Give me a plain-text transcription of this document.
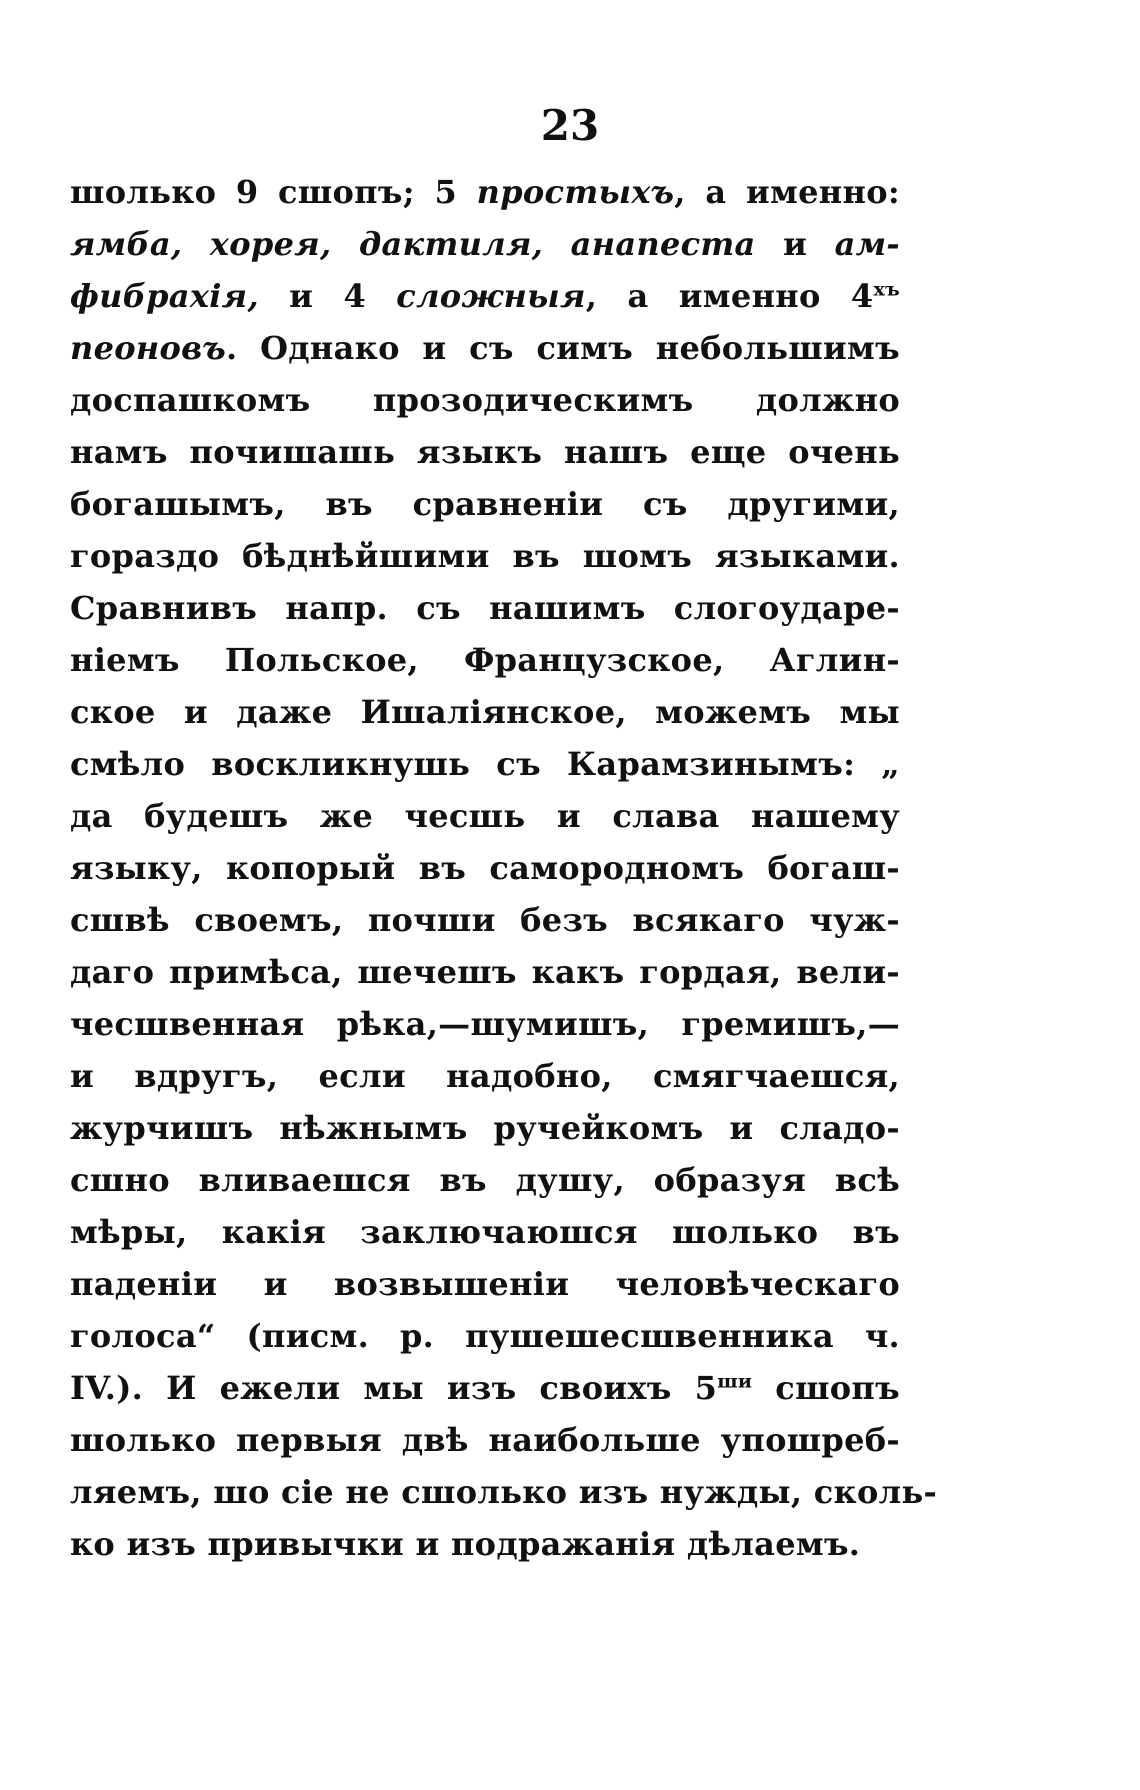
23
шолько 9 сшопъ; 5 простыхъ, а именно:
ямба, хорея, дактиля, анапеста и ам-
фибрахія, и 4 сложныя, а именно $4^{хъ}$
пеоновъ. Однако и съ симъ небольшимъ
доспашкомъ прозодическимъ должно
намъ почишашь языкъ нашъ еще очень
богашымъ, въ сравненіи съ другими,
гораздо бѣднѣйшими въ шомъ языками.
Сравнивъ напр. съ нашимъ слогоударе-
ніемъ Польское, Французское, Аглин-
ское и даже Ишаліянское, можемъ мы
смѣло воскликнушь съ Карамзинымъ: „
да будешъ же чесшь и слава нашему
языку, копорый въ самородномъ богаш-
сшвѣ своемъ, почши безъ всякаго чуж-
даго примѣса, шечешъ какъ гордая, вели-
чесшвенная рѣка,—шумишъ, гремишъ,—
и вдругъ, если надобно, смягчаешся,
журчишъ нѣжнымъ ручейкомъ и сладо-
сшно вливаешся въ душу, образуя всѣ
мѣры, какія заключаюшся шолько въ
паденіи и возвышеніи человѣческаго
голоса“ (писм. р. пушешесшвенника ч.
IV.). И ежели мы изъ своихъ $5^{ши}$ сшопъ
шолько первыя двѣ наибольше упошреб-
ляемъ, шо сіе не сшолько изъ нужды, сколь-
ко изъ привычки и подражанія дѣлаемъ.
